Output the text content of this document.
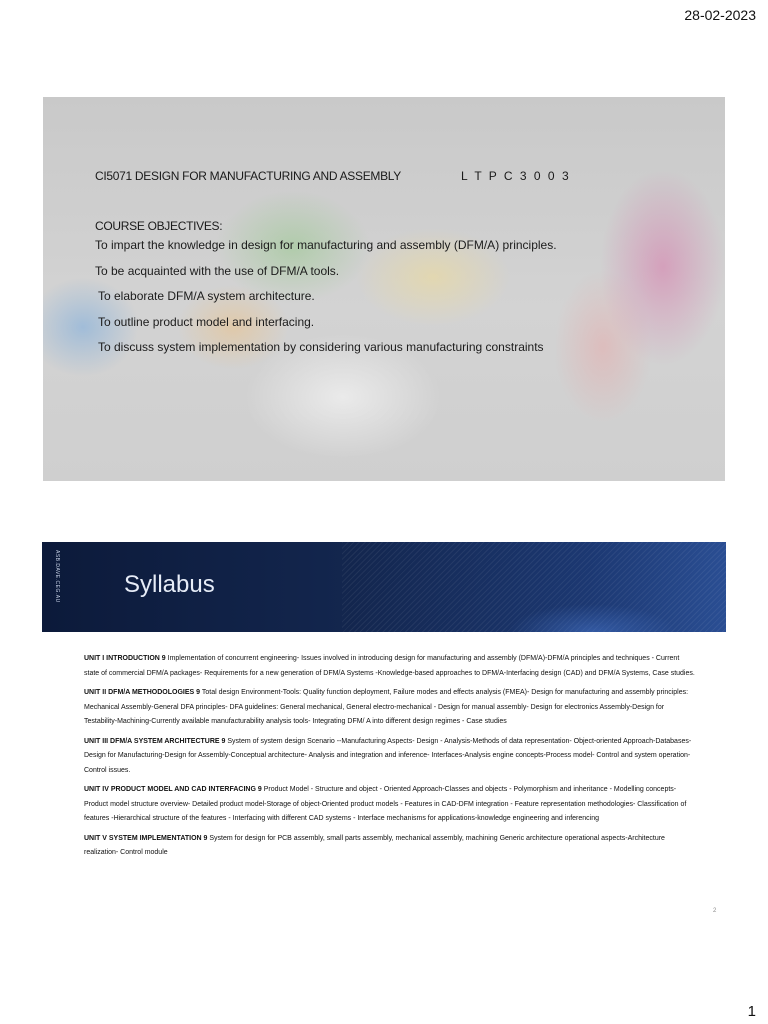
28-02-2023
CI5071 DESIGN FOR MANUFACTURING AND ASSEMBLY	L T P C 3 0 0 3
COURSE OBJECTIVES:
To impart the knowledge in design for manufacturing and assembly (DFM/A) principles.
To be acquainted with the use of DFM/A tools.
To elaborate DFM/A system architecture.
To outline product model and interfacing.
To discuss system implementation by considering various manufacturing constraints
ASB.DAVE.CEG.AU	Syllabus

UNIT I INTRODUCTION 9 Implementation of concurrent engineering- Issues involved in introducing design for manufacturing and assembly (DFM/A)-DFM/A principles and techniques - Current state of commercial DFM/A packages- Requirements for a new generation of DFM/A Systems -Knowledge-based approaches to DFM/A-Interfacing design (CAD) and DFM/A Systems, Case studies.

UNIT II DFM/A METHODOLOGIES 9 Total design Environment-Tools: Quality function deployment, Failure modes and effects analysis (FMEA)- Design for manufacturing and assembly principles: Mechanical Assembly-General DFA principles- DFA guidelines: General mechanical, General electro-mechanical - Design for manual assembly- Design for electronics Assembly-Design for Testability-Machining-Currently available manufacturability analysis tools- Integrating DFM/ A into different design regimes - Case studies

UNIT III DFM/A SYSTEM ARCHITECTURE 9 System of system design Scenario --Manufacturing Aspects- Design - Analysis-Methods of data representation- Object-oriented Approach-Databases- Design for Manufacturing-Design for Assembly-Conceptual architecture- Analysis and integration and inference- Interfaces-Analysis engine concepts-Process model- Control and system operation- Control issues.

UNIT IV PRODUCT MODEL AND CAD INTERFACING 9 Product Model - Structure and object - Oriented Approach-Classes and objects - Polymorphism and inheritance - Modelling concepts- Product model structure overview- Detailed product model-Storage of object-Oriented product models - Features in CAD-DFM integration - Feature representation methodologies- Classification of features -Hierarchical structure of the features - Interfacing with different CAD systems - Interface mechanisms for applications-knowledge engineering and inferencing

UNIT V SYSTEM IMPLEMENTATION 9 System for design for PCB assembly, small parts assembly, mechanical assembly, machining Generic architecture operational aspects-Architecture realization- Control module

2
1
